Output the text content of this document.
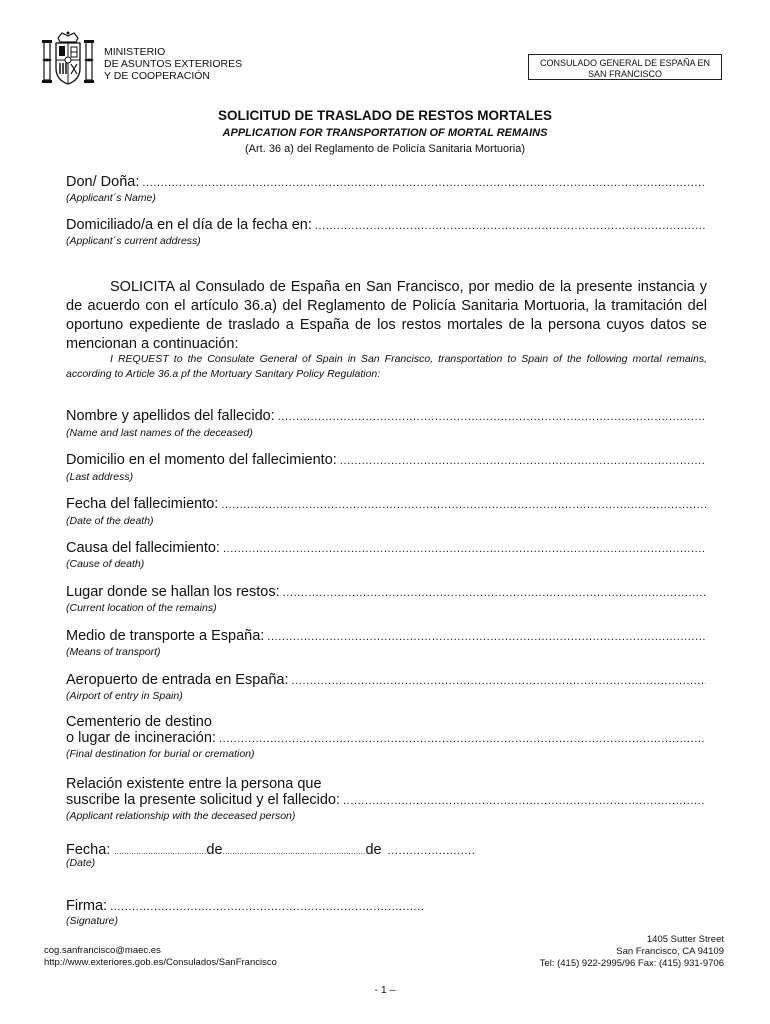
MINISTERIO
DE ASUNTOS EXTERIORES
Y DE COOPERACIÓN
CONSULADO GENERAL DE ESPAÑA EN
SAN FRANCISCO
SOLICITUD DE TRASLADO DE RESTOS MORTALES
APPLICATION FOR TRANSPORTATION OF MORTAL REMAINS
(Art. 36 a) del Reglamento de Policía Sanitaria Mortuoria)
Don/ Doña:
.....
(Applicant´s Name)
Domiciliado/a en el día de la fecha en:
.....
(Applicant´s current address)
SOLICITA al Consulado de España en San Francisco, por medio de la presente instancia y de acuerdo con el artículo 36.a) del Reglamento de Policía Sanitaria Mortuoria, la tramitación del oportuno expediente de traslado a España de los restos mortales de la persona cuyos datos se mencionan a continuación:
I REQUEST to the Consulate General of Spain in San Francisco, transportation to Spain of the following mortal remains, according to Article 36.a pf the Mortuary Sanitary Policy Regulation:
Nombre y apellidos del fallecido:
.....
(Name and last names of the deceased)
Domicilio en el momento del fallecimiento:
.....
(Last address)
Fecha del fallecimiento:
.....
(Date of the death)
Causa del fallecimiento:
.....
(Cause of death)
Lugar donde se hallan los restos:
.....
(Current location of the remains)
Medio de transporte a España:
.....
(Means of transport)
Aeropuerto de entrada en España:
.....
(Airport of entry in Spain)
Cementerio de destino
o lugar de incineración:
.....
(Final destination for burial or cremation)
Relación existente entre la persona que
suscribe la presente solicitud y el fallecido:
.....
(Applicant relationship with the deceased person)
Fecha: ...................................... de ........................................................... de ........................
(Date)
Firma: ......................................................................................
(Signature)
cog.sanfrancisco@maec.es
http://www.exteriores.gob.es/Consulados/SanFrancisco
1405 Sutter Street
San Francisco, CA 94109
Tel: (415) 922-2995/96 Fax: (415) 931-9706
- 1 –
